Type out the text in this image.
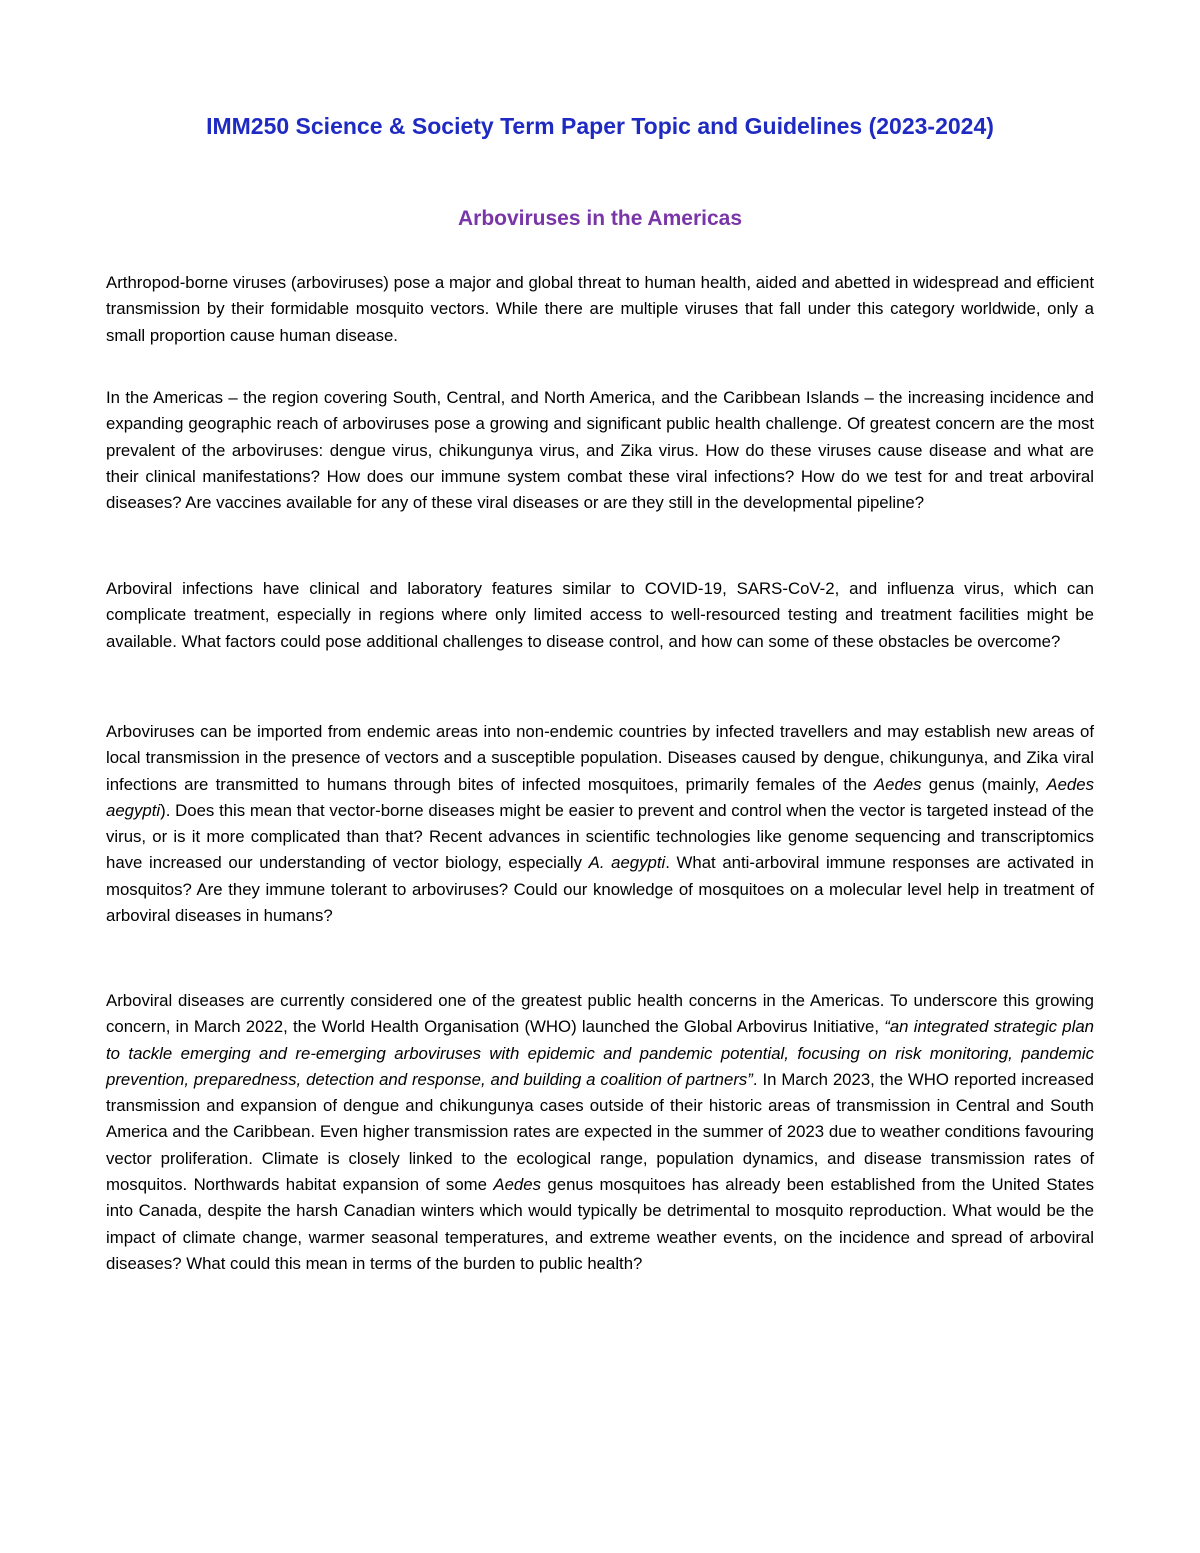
IMM250 Science & Society Term Paper Topic and Guidelines (2023-2024)
Arboviruses in the Americas

Arthropod-borne viruses (arboviruses) pose a major and global threat to human health, aided and abetted in widespread and efficient transmission by their formidable mosquito vectors. While there are multiple viruses that fall under this category worldwide, only a small proportion cause human disease.

In the Americas – the region covering South, Central, and North America, and the Caribbean Islands – the increasing incidence and expanding geographic reach of arboviruses pose a growing and significant public health challenge. Of greatest concern are the most prevalent of the arboviruses: dengue virus, chikungunya virus, and Zika virus. How do these viruses cause disease and what are their clinical manifestations? How does our immune system combat these viral infections? How do we test for and treat arboviral diseases? Are vaccines available for any of these viral diseases or are they still in the developmental pipeline?

Arboviral infections have clinical and laboratory features similar to COVID-19, SARS-CoV-2, and influenza virus, which can complicate treatment, especially in regions where only limited access to well-resourced testing and treatment facilities might be available. What factors could pose additional challenges to disease control, and how can some of these obstacles be overcome?

Arboviruses can be imported from endemic areas into non-endemic countries by infected travellers and may establish new areas of local transmission in the presence of vectors and a susceptible population. Diseases caused by dengue, chikungunya, and Zika viral infections are transmitted to humans through bites of infected mosquitoes, primarily females of the Aedes genus (mainly, Aedes aegypti). Does this mean that vector-borne diseases might be easier to prevent and control when the vector is targeted instead of the virus, or is it more complicated than that? Recent advances in scientific technologies like genome sequencing and transcriptomics have increased our understanding of vector biology, especially A. aegypti. What anti-arboviral immune responses are activated in mosquitos? Are they immune tolerant to arboviruses? Could our knowledge of mosquitoes on a molecular level help in treatment of arboviral diseases in humans?

Arboviral diseases are currently considered one of the greatest public health concerns in the Americas. To underscore this growing concern, in March 2022, the World Health Organisation (WHO) launched the Global Arbovirus Initiative, “an integrated strategic plan to tackle emerging and re-emerging arboviruses with epidemic and pandemic potential, focusing on risk monitoring, pandemic prevention, preparedness, detection and response, and building a coalition of partners”. In March 2023, the WHO reported increased transmission and expansion of dengue and chikungunya cases outside of their historic areas of transmission in Central and South America and the Caribbean. Even higher transmission rates are expected in the summer of 2023 due to weather conditions favouring vector proliferation. Climate is closely linked to the ecological range, population dynamics, and disease transmission rates of mosquitos. Northwards habitat expansion of some Aedes genus mosquitoes has already been established from the United States into Canada, despite the harsh Canadian winters which would typically be detrimental to mosquito reproduction. What would be the impact of climate change, warmer seasonal temperatures, and extreme weather events, on the incidence and spread of arboviral diseases? What could this mean in terms of the burden to public health?
